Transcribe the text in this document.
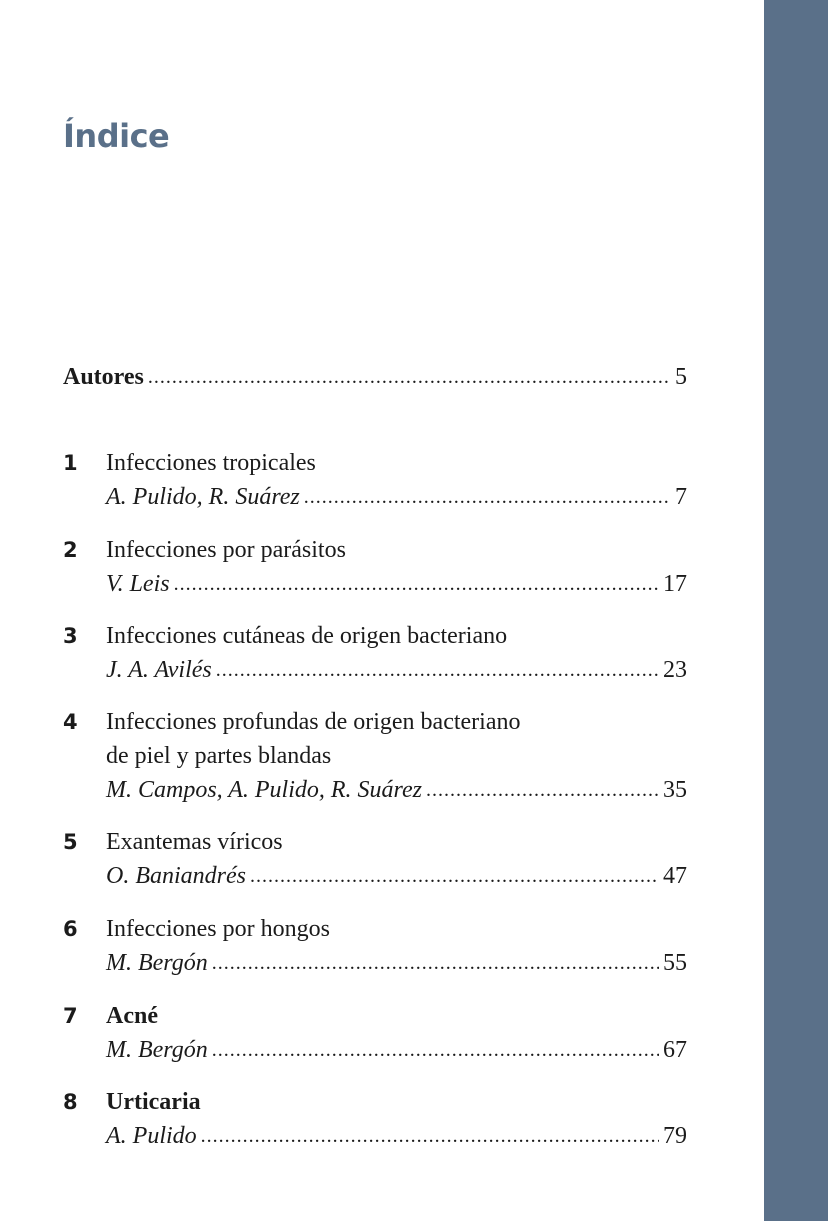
Índice
Autores .....	5
1 Infecciones tropicales
A. Pulido, R. Suárez .....	7
2 Infecciones por parásitos
V. Leis .....	17
3 Infecciones cutáneas de origen bacteriano
J. A. Avilés .....	23
4 Infecciones profundas de origen bacteriano
de piel y partes blandas
M. Campos, A. Pulido, R. Suárez .....	35
5 Exantemas víricos
O. Baniandrés .....	47
6 Infecciones por hongos
M. Bergón .....	55
7 Acné
M. Bergón .....	67
8 Urticaria
A. Pulido .....	79
